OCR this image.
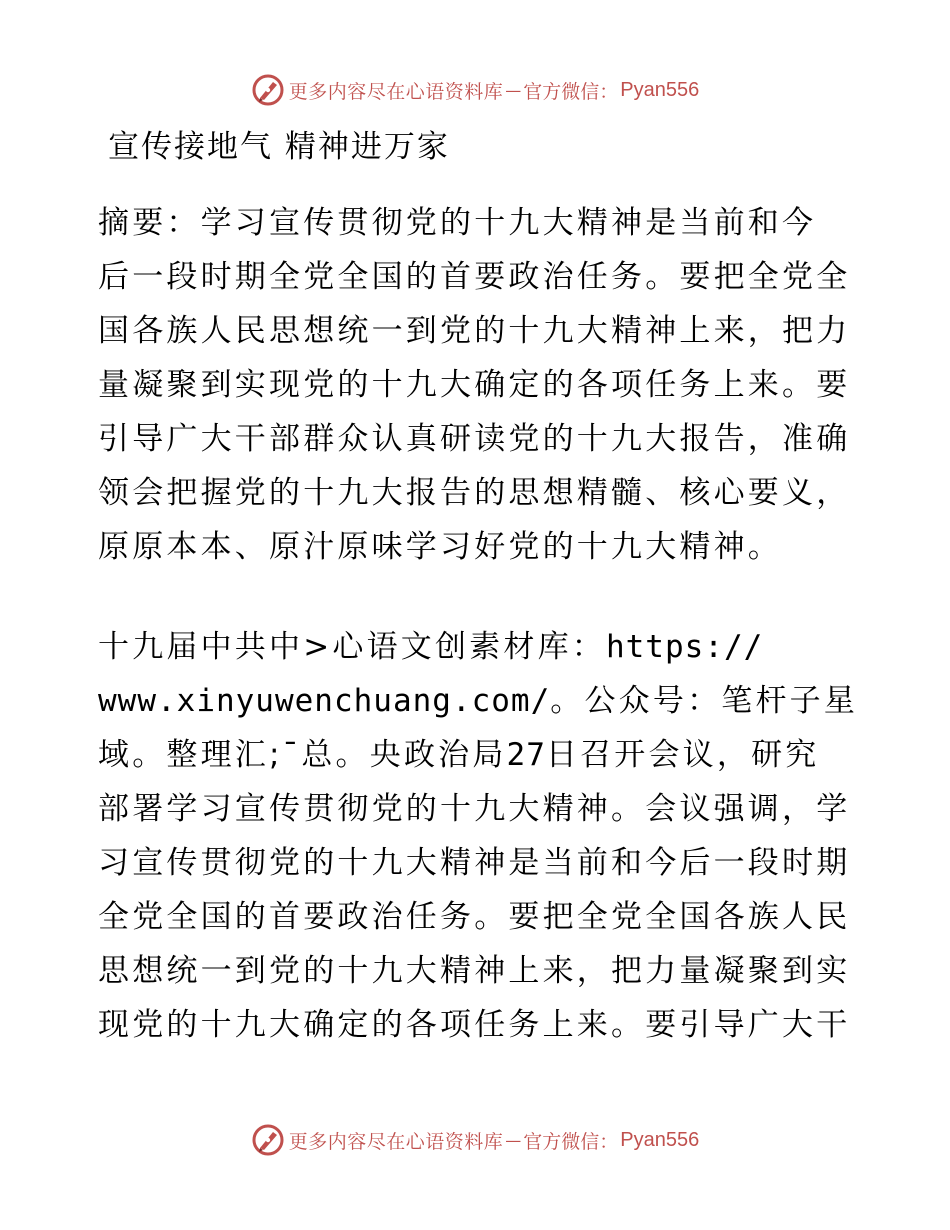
更多内容尽在心语资料库 — 官方微信： Pyan556
宣传接地气 精神进万家
摘要：学习宣传贯彻党的十九大精神是当前和今
后一段时期全党全国的首要政治任务。要把全党全
国各族人民思想统一到党的十九大精神上来，把力
量凝聚到实现党的十九大确定的各项任务上来。要
引导广大干部群众认真研读党的十九大报告，准确
领会把握党的十九大报告的思想精髓、核心要义，
原原本本、原汁原味学习好党的十九大精神。
十九届中共中>心语文创素材库：https://
www.xinyuwenchuang.com/。公众号：笔杆子星
域。整理汇;¯总。央政治局27日召开会议，研究
部署学习宣传贯彻党的十九大精神。会议强调，学
习宣传贯彻党的十九大精神是当前和今后一段时期
全党全国的首要政治任务。要把全党全国各族人民
思想统一到党的十九大精神上来，把力量凝聚到实
现党的十九大确定的各项任务上来。要引导广大干
更多内容尽在心语资料库 — 官方微信： Pyan556
